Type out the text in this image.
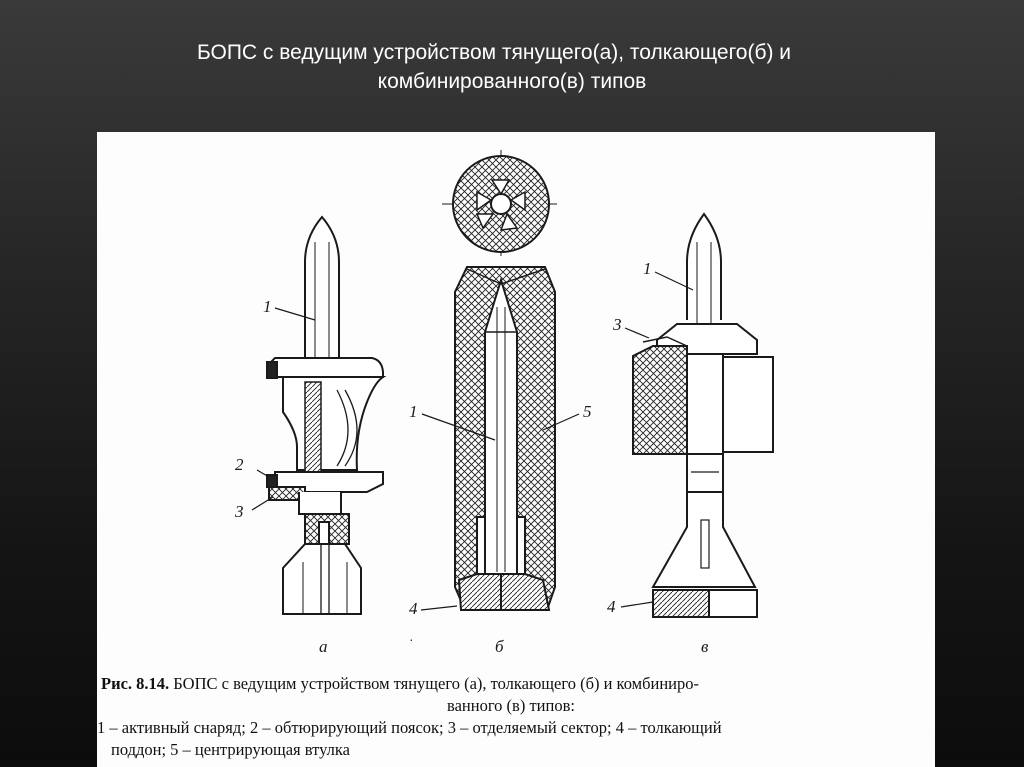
БОПС с ведущим устройством тянущего(а), толкающего(б) и
комбинированного(в) типов
1
2
3
а
1	5
4
б
1
3
4
в
·
Рис. 8.14. БОПС с ведущим устройством тянущего (а), толкающего (б) и комбиниро-
ванного (в) типов:
1 – активный снаряд; 2 – обтюрирующий поясок; 3 – отделяемый сектор; 4 – толкающий
поддон; 5 – центрирующая втулка
